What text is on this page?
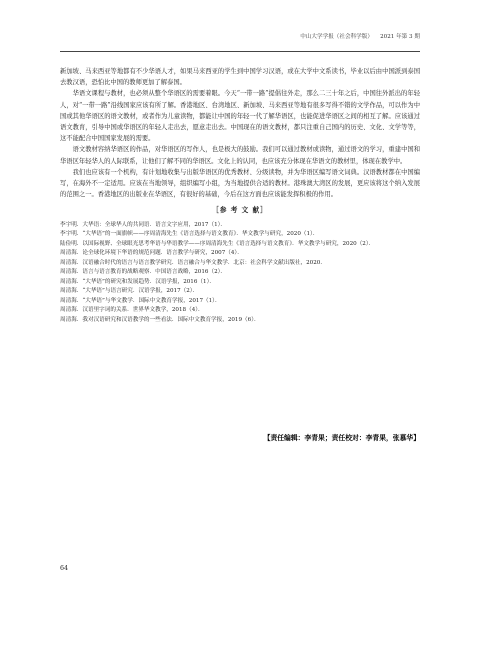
中山大学学报（社会科学版） 2021 年第 3 期

新加坡、马来西亚等地都有不少华语人才，如果马来西亚的学生到中国学习汉语，或在大学中文系读书，毕业以后由中国派到泰国去教汉语，恐怕比中国的教师更加了解泰国。

华语文课程与教材，也必须从整个华语区的需要着眼。今天“一带一路”提倡往外走，那么二三十年之后，中国往外派出的年轻人，对“一带一路”沿线国家应该有所了解。香港地区、台湾地区、新加坡、马来西亚等地有很多写得不错的文学作品，可以作为中国或其他华语区的语文教材，或者作为儿童读物，都能让中国的年轻一代了解华语区，也能促进华语区之间的相互了解。应该通过语文教育，引导中国或华语区的年轻人走出去，愿意走出去。中国现在的语文教材，都只注重自己国内的历史、文化、文学等等，这不能配合中国国家发展的需要。

语文教材容纳华语区的作品，对华语区的写作人，也是极大的鼓励。我们可以通过教材或读物，通过语文的学习，重建中国和华语区年轻华人的人际联系，让他们了解不同的华语区。文化上的认同，也应该充分体现在华语文的教材里，体现在教学中。

我们也应该有一个机构，有计划地收集与出版华语区的优秀教材、分级读物，并为华语区编写语文词典。汉语教材都在中国编写，在海外不一定适用。应该在当地领导，组织编写小组，为当地提供合适的教材。港珠澳大湾区的发展，更应该将这个纳入发展的范围之一。香港地区的出版业在华语区，有很好的基础，今后在这方面也应该能发挥积极的作用。

［参 考 文 献］

李宇明．大华语：全球华人的共同语．语言文字应用，2017（1）．

李宇明．“大华语”的一面旗帜——序周清海先生《语言选择与语文教育》．华文教学与研究，2020（1）．

陆俭明．以国际视野、全球眼光思考华语与华语教学——序周清海先生《语言选择与语文教育》．华文教学与研究，2020（2）．

周清海．论全球化环境下华语的规范问题．语言教学与研究，2007（4）．

周清海．汉语融合时代的语言与语言教学研究．语言融合与华文教学．北京：社会科学文献出版社，2020．

周清海．语言与语言教育的战略观察．中国语言战略，2016（2）．

周清海．“大华语”的研究和发展趋势．汉语学报，2016（1）．

周清海．“大华语”与语言研究．汉语学报，2017（2）．

周清海．“大华语”与华文教学．国际中文教育学报，2017（1）．

周清海．汉语里字词的关系．世界华文教学，2018（4）．

周清海．我对汉语研究和汉语教学的一些看法．国际中文教育学报，2019（6）．

【责任编辑：李青果；责任校对：李青果，张慕华】
64
